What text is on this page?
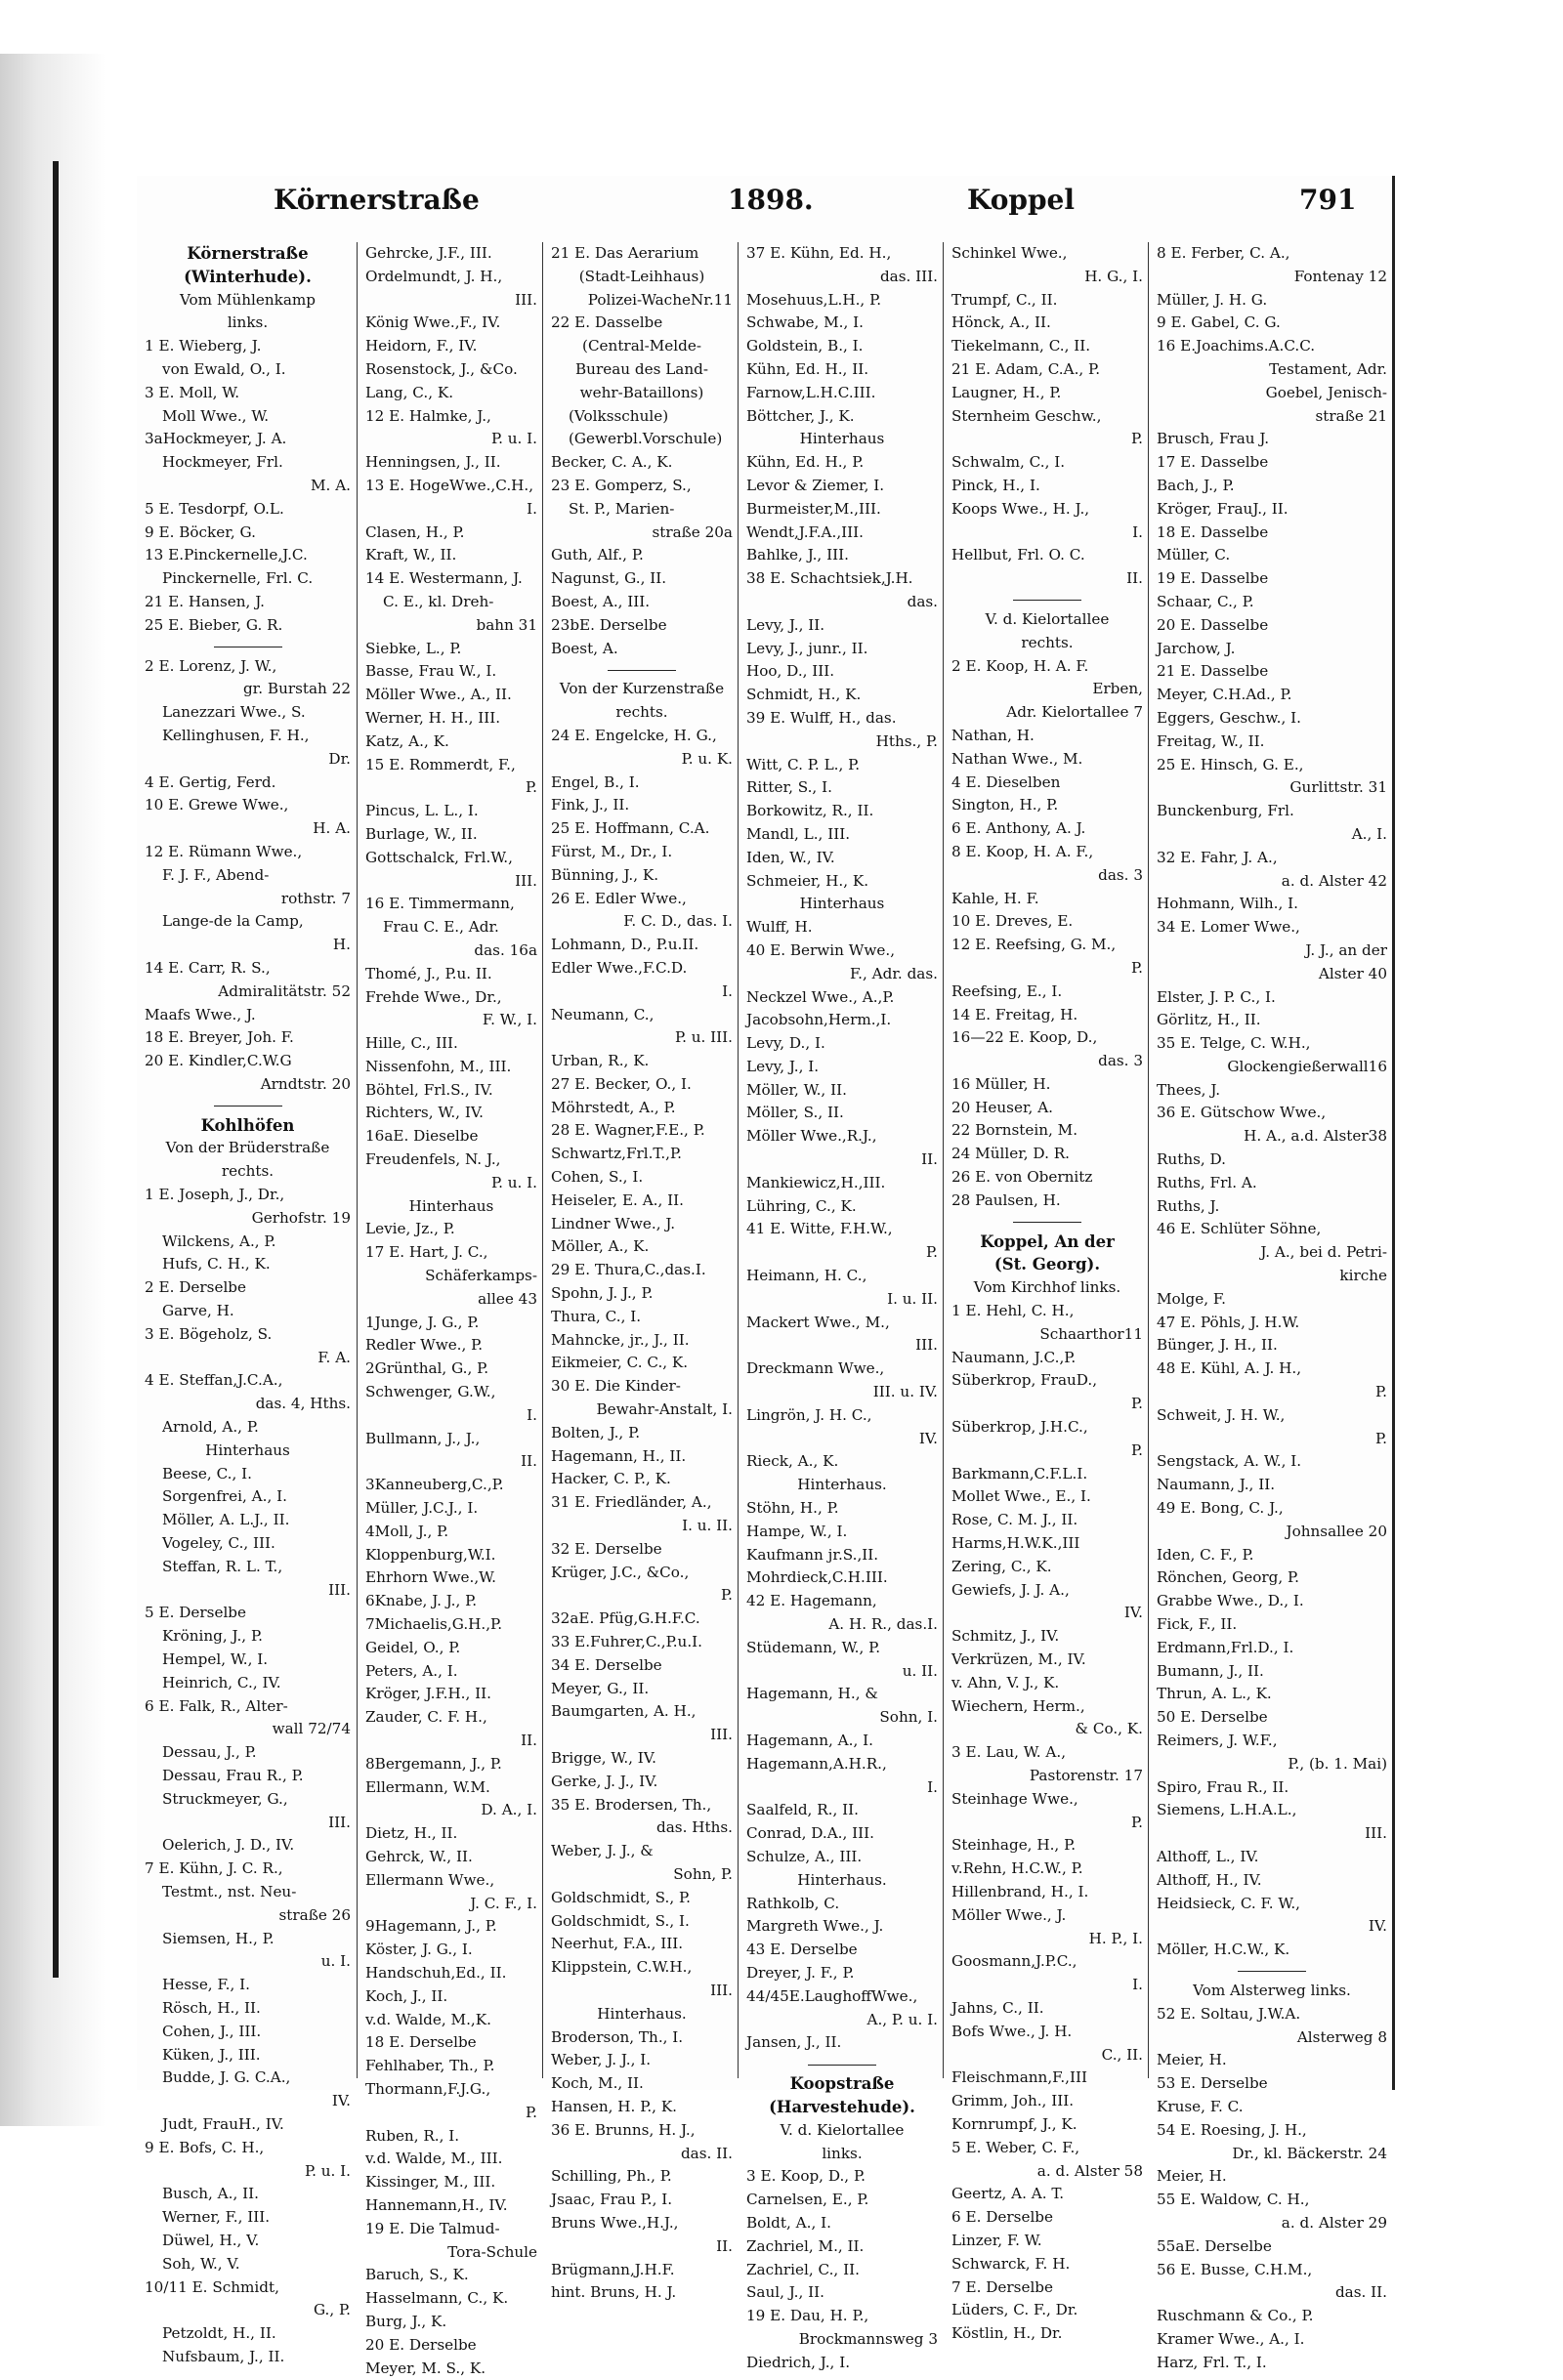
Körnerstraße	1898.	Koppel	791

Körnerstraße

(Winterhude).

Vom Mühlenkamp

links.

1 E. Wieberg, J.

von Ewald, O., I.

3 E. Moll, W.

Moll Wwe., W.

3aHockmeyer, J. A.

Hockmeyer, Frl.

M. A.

5 E. Tesdorpf, O.L.

9 E. Böcker, G.

13 E.Pinckernelle,J.C.

Pinckernelle, Frl. C.

21 E. Hansen, J.

25 E. Bieber, G. R.

2 E. Lorenz, J. W.,

gr. Burstah 22

Lanezzari Wwe., S.

Kellinghusen, F. H.,

Dr.

4 E. Gertig, Ferd.

10 E. Grewe Wwe.,

H. A.

12 E. Rümann Wwe.,

F. J. F., Abend-

rothstr. 7

Lange-de la Camp,

H.

14 E. Carr, R. S.,

Admiralitätstr. 52

Maafs Wwe., J.

18 E. Breyer, Joh. F.

20 E. Kindler,C.W.G

Arndtstr. 20

Kohlhöfen

Von der Brüderstraße

rechts.

1 E. Joseph, J., Dr.,

Gerhofstr. 19

Wilckens, A., P.

Hufs, C. H., K.

2 E. Derselbe

Garve, H.

3 E. Bögeholz, S.

F. A.

4 E. Steffan,J.C.A.,

das. 4, Hths.

Arnold, A., P.

Hinterhaus

Beese, C., I.

Sorgenfrei, A., I.

Möller, A. L.J., II.

Vogeley, C., III.

Steffan, R. L. T.,

III.

5 E. Derselbe

Kröning, J., P.

Hempel, W., I.

Heinrich, C., IV.

6 E. Falk, R., Alter-

wall 72/74

Dessau, J., P.

Dessau, Frau R., P.

Struckmeyer, G.,

III.

Oelerich, J. D., IV.

7 E. Kühn, J. C. R.,

Testmt., nst. Neu-

straße 26

Siemsen, H., P.

u. I.

Hesse, F., I.

Rösch, H., II.

Cohen, J., III.

Küken, J., III.

Budde, J. G. C.A.,

IV.

Judt, FrauH., IV.

9 E. Bofs, C. H.,

P. u. I.

Busch, A., II.

Werner, F., III.

Düwel, H., V.

Soh, W., V.

10/11 E. Schmidt,

G., P.

Petzoldt, H., II.

Nufsbaum, J., II.

Gehrcke, J.F., III.

Ordelmundt, J. H.,

III.

König Wwe.,F., IV.

Heidorn, F., IV.

Rosenstock, J., &Co.

Lang, C., K.

12 E. Halmke, J.,

P. u. I.

Henningsen, J., II.

13 E. HogeWwe.,C.H.,

I.

Clasen, H., P.

Kraft, W., II.

14 E. Westermann, J.

C. E., kl. Dreh-

bahn 31

Siebke, L., P.

Basse, Frau W., I.

Möller Wwe., A., II.

Werner, H. H., III.

Katz, A., K.

15 E. Rommerdt, F.,

P.

Pincus, L. L., I.

Burlage, W., II.

Gottschalck, Frl.W.,

III.

16 E. Timmermann,

Frau C. E., Adr.

das. 16a

Thomé, J., P.u. II.

Frehde Wwe., Dr.,

F. W., I.

Hille, C., III.

Nissenfohn, M., III.

Böhtel, Frl.S., IV.

Richters, W., IV.

16aE. Dieselbe

Freudenfels, N. J.,

P. u. I.

Hinterhaus

Levie, Jz., P.

17 E. Hart, J. C.,

Schäferkamps-

allee 43

1Junge, J. G., P.

Redler Wwe., P.

2Grünthal, G., P.

Schwenger, G.W.,

I.

Bullmann, J., J.,

II.

3Kanneuberg,C.,P.

Müller, J.C.J., I.

4Moll, J., P.

Kloppenburg,W.I.

Ehrhorn Wwe.,W.

6Knabe, J. J., P.

7Michaelis,G.H.,P.

Geidel, O., P.

Peters, A., I.

Kröger, J.F.H., II.

Zauder, C. F. H.,

II.

8Bergemann, J., P.

Ellermann, W.M.

D. A., I.

Dietz, H., II.

Gehrck, W., II.

Ellermann Wwe.,

J. C. F., I.

9Hagemann, J., P.

Köster, J. G., I.

Handschuh,Ed., II.

Koch, J., II.

v.d. Walde, M.,K.

18 E. Derselbe

Fehlhaber, Th., P.

Thormann,F.J.G.,

P.

Ruben, R., I.

v.d. Walde, M., III.

Kissinger, M., III.

Hannemann,H., IV.

19 E. Die Talmud-

Tora-Schule

Baruch, S., K.

Hasselmann, C., K.

Burg, J., K.

20 E. Derselbe

Meyer, M. S., K.

21 E. Das Aerarium

(Stadt-Leihhaus)

Polizei-WacheNr.11

22 E. Dasselbe

(Central-Melde-

Bureau des Land-

wehr-Bataillons)

(Volksschule)

(Gewerbl.Vorschule)

Becker, C. A., K.

23 E. Gomperz, S.,

St. P., Marien-

straße 20a

Guth, Alf., P.

Nagunst, G., II.

Boest, A., III.

23bE. Derselbe

Boest, A.

Von der Kurzenstraße

rechts.

24 E. Engelcke, H. G.,

P. u. K.

Engel, B., I.

Fink, J., II.

25 E. Hoffmann, C.A.

Fürst, M., Dr., I.

Bünning, J., K.

26 E. Edler Wwe.,

F. C. D., das. I.

Lohmann, D., P.u.II.

Edler Wwe.,F.C.D.

I.

Neumann, C.,

P. u. III.

Urban, R., K.

27 E. Becker, O., I.

Möhrstedt, A., P.

28 E. Wagner,F.E., P.

Schwartz,Frl.T.,P.

Cohen, S., I.

Heiseler, E. A., II.

Lindner Wwe., J.

Möller, A., K.

29 E. Thura,C.,das.I.

Spohn, J. J., P.

Thura, C., I.

Mahncke, jr., J., II.

Eikmeier, C. C., K.

30 E. Die Kinder-

Bewahr-Anstalt, I.

Bolten, J., P.

Hagemann, H., II.

Hacker, C. P., K.

31 E. Friedländer, A.,

I. u. II.

32 E. Derselbe

Krüger, J.C., &Co.,

P.

32aE. Pfüg,G.H.F.C.

33 E.Fuhrer,C.,P.u.I.

34 E. Derselbe

Meyer, G., II.

Baumgarten, A. H.,

III.

Brigge, W., IV.

Gerke, J. J., IV.

35 E. Brodersen, Th.,

das. Hths.

Weber, J. J., &

Sohn, P.

Goldschmidt, S., P.

Goldschmidt, S., I.

Neerhut, F.A., III.

Klippstein, C.W.H.,

III.

Hinterhaus.

Broderson, Th., I.

Weber, J. J., I.

Koch, M., II.

Hansen, H. P., K.

36 E. Brunns, H. J.,

das. II.

Schilling, Ph., P.

Jsaac, Frau P., I.

Bruns Wwe.,H.J.,

II.

Brügmann,J.H.F.

hint. Bruns, H. J.

37 E. Kühn, Ed. H.,

das. III.

Mosehuus,L.H., P.

Schwabe, M., I.

Goldstein, B., I.

Kühn, Ed. H., II.

Farnow,L.H.C.III.

Böttcher, J., K.

Hinterhaus

Kühn, Ed. H., P.

Levor & Ziemer, I.

Burmeister,M.,III.

Wendt,J.F.A.,III.

Bahlke, J., III.

38 E. Schachtsiek,J.H.

das.

Levy, J., II.

Levy, J., junr., II.

Hoo, D., III.

Schmidt, H., K.

39 E. Wulff, H., das.

Hths., P.

Witt, C. P. L., P.

Ritter, S., I.

Borkowitz, R., II.

Mandl, L., III.

Iden, W., IV.

Schmeier, H., K.

Hinterhaus

Wulff, H.

40 E. Berwin Wwe.,

F., Adr. das.

Neckzel Wwe., A.,P.

Jacobsohn,Herm.,I.

Levy, D., I.

Levy, J., I.

Möller, W., II.

Möller, S., II.

Möller Wwe.,R.J.,

II.

Mankiewicz,H.,III.

Lühring, C., K.

41 E. Witte, F.H.W.,

P.

Heimann, H. C.,

I. u. II.

Mackert Wwe., M.,

III.

Dreckmann Wwe.,

III. u. IV.

Lingrön, J. H. C.,

IV.

Rieck, A., K.

Hinterhaus.

Stöhn, H., P.

Hampe, W., I.

Kaufmann jr.S.,II.

Mohrdieck,C.H.III.

42 E. Hagemann,

A. H. R., das.I.

Stüdemann, W., P.

u. II.

Hagemann, H., &

Sohn, I.

Hagemann, A., I.

Hagemann,A.H.R.,

I.

Saalfeld, R., II.

Conrad, D.A., III.

Schulze, A., III.

Hinterhaus.

Rathkolb, C.

Margreth Wwe., J.

43 E. Derselbe

Dreyer, J. F., P.

44/45E.LaughoffWwe.,

A., P. u. I.

Jansen, J., II.

Koopstraße

(Harvestehude).

V. d. Kielortallee

links.

3 E. Koop, D., P.

Carnelsen, E., P.

Boldt, A., I.

Zachriel, M., II.

Zachriel, C., II.

Saul, J., II.

19 E. Dau, H. P.,

Brockmannsweg 3

Diedrich, J., I.

Schinkel Wwe.,

H. G., I.

Trumpf, C., II.

Hönck, A., II.

Tiekelmann, C., II.

21 E. Adam, C.A., P.

Laugner, H., P.

Sternheim Geschw.,

P.

Schwalm, C., I.

Pinck, H., I.

Koops Wwe., H. J.,

I.

Hellbut, Frl. O. C.

II.

V. d. Kielortallee

rechts.

2 E. Koop, H. A. F.

Erben,

Adr. Kielortallee 7

Nathan, H.

Nathan Wwe., M.

4 E. Dieselben

Sington, H., P.

6 E. Anthony, A. J.

8 E. Koop, H. A. F.,

das. 3

Kahle, H. F.

10 E. Dreves, E.

12 E. Reefsing, G. M.,

P.

Reefsing, E., I.

14 E. Freitag, H.

16—22 E. Koop, D.,

das. 3

16 Müller, H.

20 Heuser, A.

22 Bornstein, M.

24 Müller, D. R.

26 E. von Obernitz

28 Paulsen, H.

Koppel, An der

(St. Georg).

Vom Kirchhof links.

1 E. Hehl, C. H.,

Schaarthor11

Naumann, J.C.,P.

Süberkrop, FrauD.,

P.

Süberkrop, J.H.C.,

P.

Barkmann,C.F.L.I.

Mollet Wwe., E., I.

Rose, C. M. J., II.

Harms,H.W.K.,III

Zering, C., K.

Gewiefs, J. J. A.,

IV.

Schmitz, J., IV.

Verkrüzen, M., IV.

v. Ahn, V. J., K.

Wiechern, Herm.,

& Co., K.

3 E. Lau, W. A.,

Pastorenstr. 17

Steinhage Wwe.,

P.

Steinhage, H., P.

v.Rehn, H.C.W., P.

Hillenbrand, H., I.

Möller Wwe., J.

H. P., I.

Goosmann,J.P.C.,

I.

Jahns, C., II.

Bofs Wwe., J. H.

C., II.

Fleischmann,F.,III

Grimm, Joh., III.

Kornrumpf, J., K.

5 E. Weber, C. F.,

a. d. Alster 58

Geertz, A. A. T.

6 E. Derselbe

Linzer, F. W.

Schwarck, F. H.

7 E. Derselbe

Lüders, C. F., Dr.

Köstlin, H., Dr.

8 E. Ferber, C. A.,

Fontenay 12

Müller, J. H. G.

9 E. Gabel, C. G.

16 E.Joachims.A.C.C.

Testament, Adr.

Goebel, Jenisch-

straße 21

Brusch, Frau J.

17 E. Dasselbe

Bach, J., P.

Kröger, FrauJ., II.

18 E. Dasselbe

Müller, C.

19 E. Dasselbe

Schaar, C., P.

20 E. Dasselbe

Jarchow, J.

21 E. Dasselbe

Meyer, C.H.Ad., P.

Eggers, Geschw., I.

Freitag, W., II.

25 E. Hinsch, G. E.,

Gurlittstr. 31

Bunckenburg, Frl.

A., I.

32 E. Fahr, J. A.,

a. d. Alster 42

Hohmann, Wilh., I.

34 E. Lomer Wwe.,

J. J., an der

Alster 40

Elster, J. P. C., I.

Görlitz, H., II.

35 E. Telge, C. W.H.,

Glockengießerwall16

Thees, J.

36 E. Gütschow Wwe.,

H. A., a.d. Alster38

Ruths, D.

Ruths, Frl. A.

Ruths, J.

46 E. Schlüter Söhne,

J. A., bei d. Petri-

kirche

Molge, F.

47 E. Pöhls, J. H.W.

Bünger, J. H., II.

48 E. Kühl, A. J. H.,

P.

Schweit, J. H. W.,

P.

Sengstack, A. W., I.

Naumann, J., II.

49 E. Bong, C. J.,

Johnsallee 20

Iden, C. F., P.

Rönchen, Georg, P.

Grabbe Wwe., D., I.

Fick, F., II.

Erdmann,Frl.D., I.

Bumann, J., II.

Thrun, A. L., K.

50 E. Derselbe

Reimers, J. W.F.,

P., (b. 1. Mai)

Spiro, Frau R., II.

Siemens, L.H.A.L.,

III.

Althoff, L., IV.

Althoff, H., IV.

Heidsieck, C. F. W.,

IV.

Möller, H.C.W., K.

Vom Alsterweg links.

52 E. Soltau, J.W.A.

Alsterweg 8

Meier, H.

53 E. Derselbe

Kruse, F. C.

54 E. Roesing, J. H.,

Dr., kl. Bäckerstr. 24

Meier, H.

55 E. Waldow, C. H.,

a. d. Alster 29

55aE. Derselbe

56 E. Busse, C.H.M.,

das. II.

Ruschmann & Co., P.

Kramer Wwe., A., I.

Harz, Frl. T., I.
